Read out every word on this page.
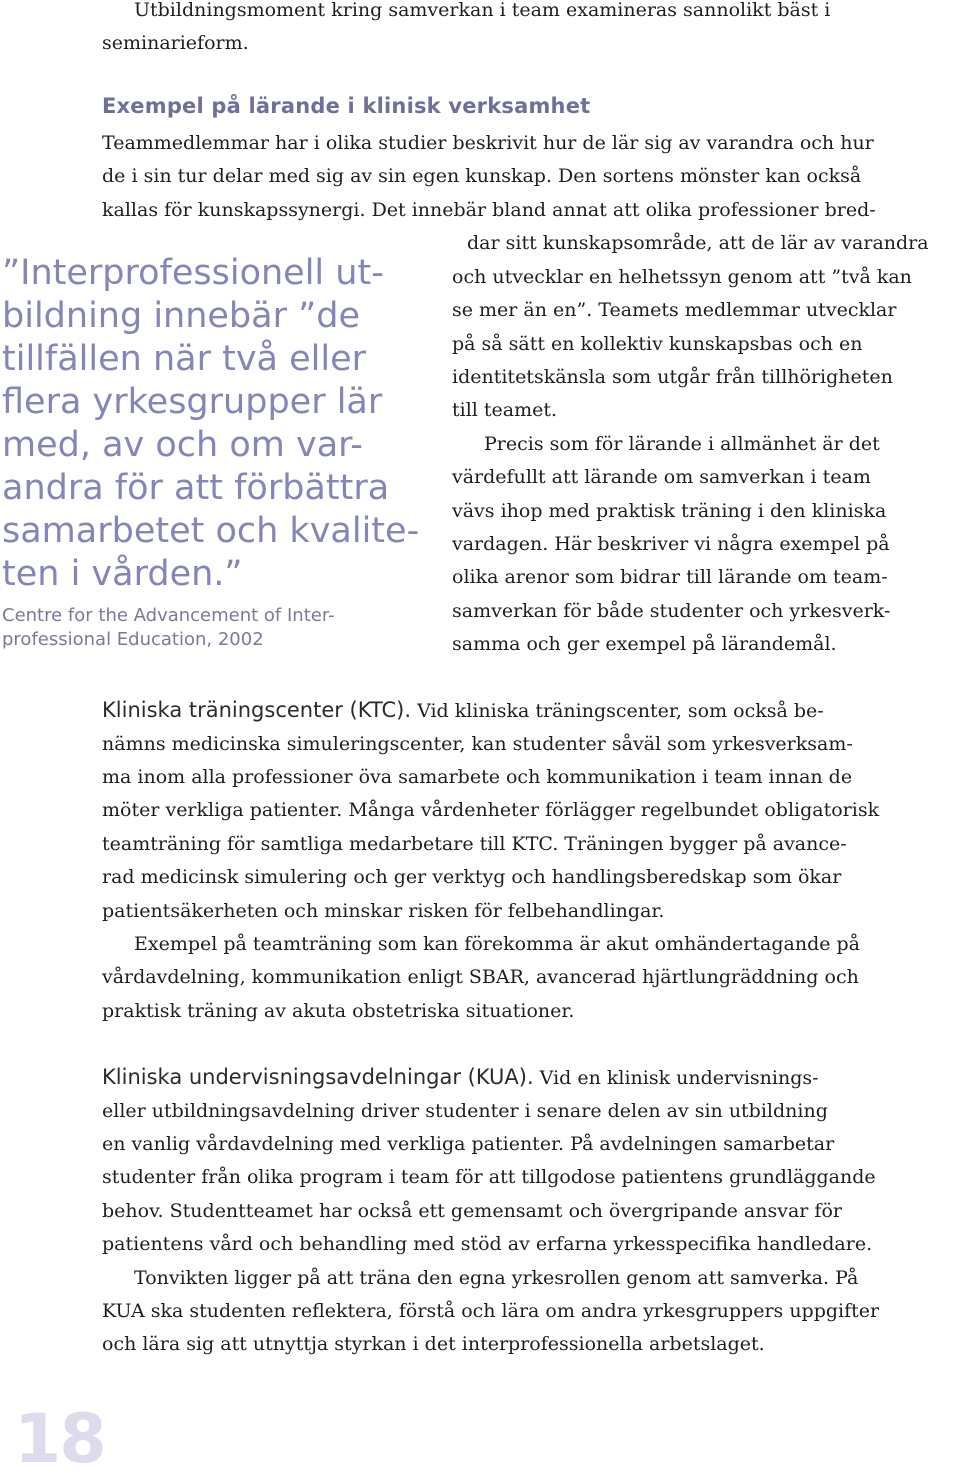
Utbildningsmoment kring samverkan i team examineras sannolikt bäst i
seminarieform.
Exempel på lärande i klinisk verksamhet
Teammedlemmar har i olika studier beskrivit hur de lär sig av varandra och hur
de i sin tur delar med sig av sin egen kunskap. Den sortens mönster kan också
kallas för kunskapssynergi. Det innebär bland annat att olika professioner bred-
dar sitt kunskapsområde, att de lär av varandra
och utvecklar en helhetssyn genom att ”två kan
se mer än en”. Teamets medlemmar utvecklar
på så sätt en kollektiv kunskapsbas och en
identitetskänsla som utgår från tillhörigheten
till teamet.
Precis som för lärande i allmänhet är det
värdefullt att lärande om samverkan i team
vävs ihop med praktisk träning i den kliniska
vardagen. Här beskriver vi några exempel på
olika arenor som bidrar till lärande om team-
samverkan för både studenter och yrkesverk-
samma och ger exempel på lärandemål.
”Interprofessionell ut-
bildning innebär ”de
tillfällen när två eller
flera yrkesgrupper lär
med, av och om var-
andra för att förbättra
samarbetet och kvalite-
ten i vården.”
Centre for the Advancement of Inter-
professional Education, 2002
Kliniska träningscenter (KTC). Vid kliniska träningscenter, som också be-
nämns medicinska simuleringscenter, kan studenter såväl som yrkesverksam-
ma inom alla professioner öva samarbete och kommunikation i team innan de
möter verkliga patienter. Många vårdenheter förlägger regelbundet obligatorisk
teamträning för samtliga medarbetare till KTC. Träningen bygger på avance-
rad medicinsk simulering och ger verktyg och handlingsberedskap som ökar
patientsäkerheten och minskar risken för felbehandlingar.
Exempel på teamträning som kan förekomma är akut omhändertagande på
vårdavdelning, kommunikation enligt SBAR, avancerad hjärtlungräddning och
praktisk träning av akuta obstetriska situationer.
Kliniska undervisningsavdelningar (KUA). Vid en klinisk undervisnings-
eller utbildningsavdelning driver studenter i senare delen av sin utbildning
en vanlig vårdavdelning med verkliga patienter. På avdelningen samarbetar
studenter från olika program i team för att tillgodose patientens grundläggande
behov. Studentteamet har också ett gemensamt och övergripande ansvar för
patientens vård och behandling med stöd av erfarna yrkesspecifika handledare.
Tonvikten ligger på att träna den egna yrkesrollen genom att samverka. På
KUA ska studenten reflektera, förstå och lära om andra yrkesgruppers uppgifter
och lära sig att utnyttja styrkan i det interprofessionella arbetslaget.
18
